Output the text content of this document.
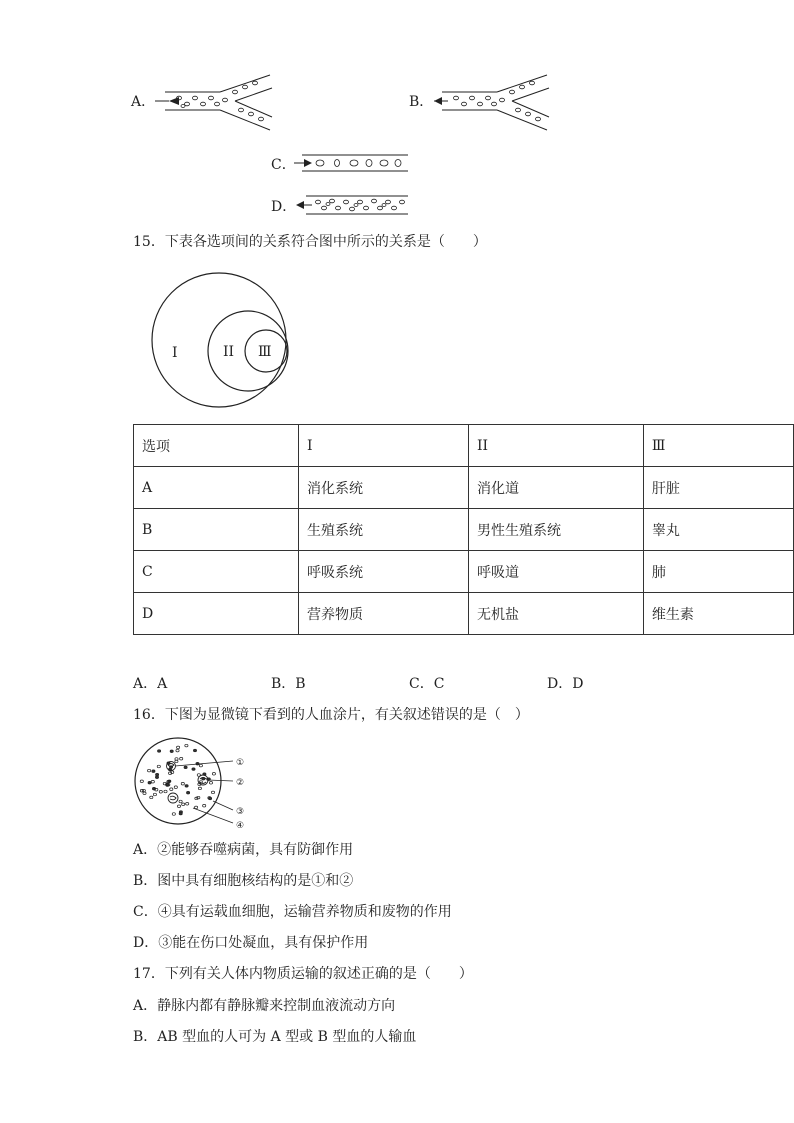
A．	B．
C．
D．
15．下表各选项间的关系符合图中所示的关系是（　　）
I	II Ⅲ
选项	I	II	Ⅲ
A	消化系统	消化道	肝脏
B	生殖系统	男性生殖系统	睾丸
C	呼吸系统	呼吸道	肺
D	营养物质	无机盐	维生素
A．A	B．B	C．C	D．D
16．下图为显微镜下看到的人血涂片，有关叙述错误的是（　）
①
②
③
④
A．②能够吞噬病菌，具有防御作用
B．图中具有细胞核结构的是①和②
C．④具有运载血细胞，运输营养物质和废物的作用
D．③能在伤口处凝血，具有保护作用
17．下列有关人体内物质运输的叙述正确的是（　　）
A．静脉内都有静脉瓣来控制血液流动方向
B．AB 型血的人可为 A 型或 B 型血的人输血
